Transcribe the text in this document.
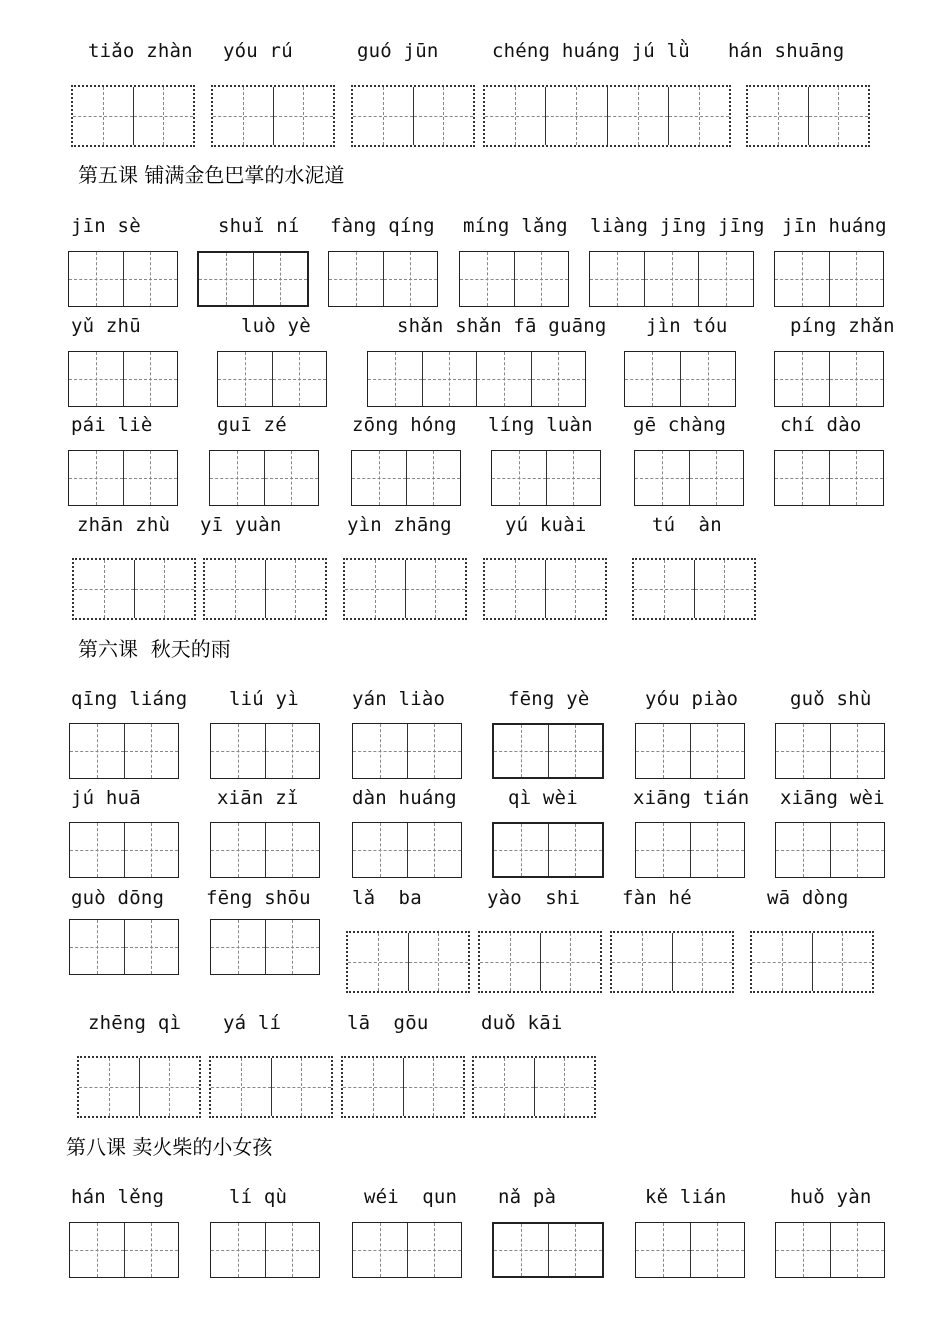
tiǎo zhàn yóu rú	guó jūn	chéng huáng jú lǜ hán shuāng
第五课 铺满金色巴掌的水泥道
jīn sè	shuǐ ní fàng qíng míng lǎng liàng jīng jīng jīn huáng
yǔ zhū	luò yè	shǎn shǎn fā guāng jìn tóu	píng zhǎn
pái liè	guī zé	zōng hóng líng luàn gē chàng	chí dào
zhān zhù yī yuàn	yìn zhāng	yú kuài	tú  àn
第六课  秋天的雨
qīng liáng liú yì	yán liào	fēng yè	yóu piào	guǒ shù
jú huā	xiān zǐ	dàn huáng	qì wèi	xiāng tián xiāng wèi
guò dōng fēng shōu lǎ  ba	yào  shi fàn hé	wā dòng
zhēng qì yá lí	lā  gōu	duǒ kāi
第八课 卖火柴的小女孩
hán lěng	lí qù	wéi  qun nǎ pà	kě lián	huǒ yàn
